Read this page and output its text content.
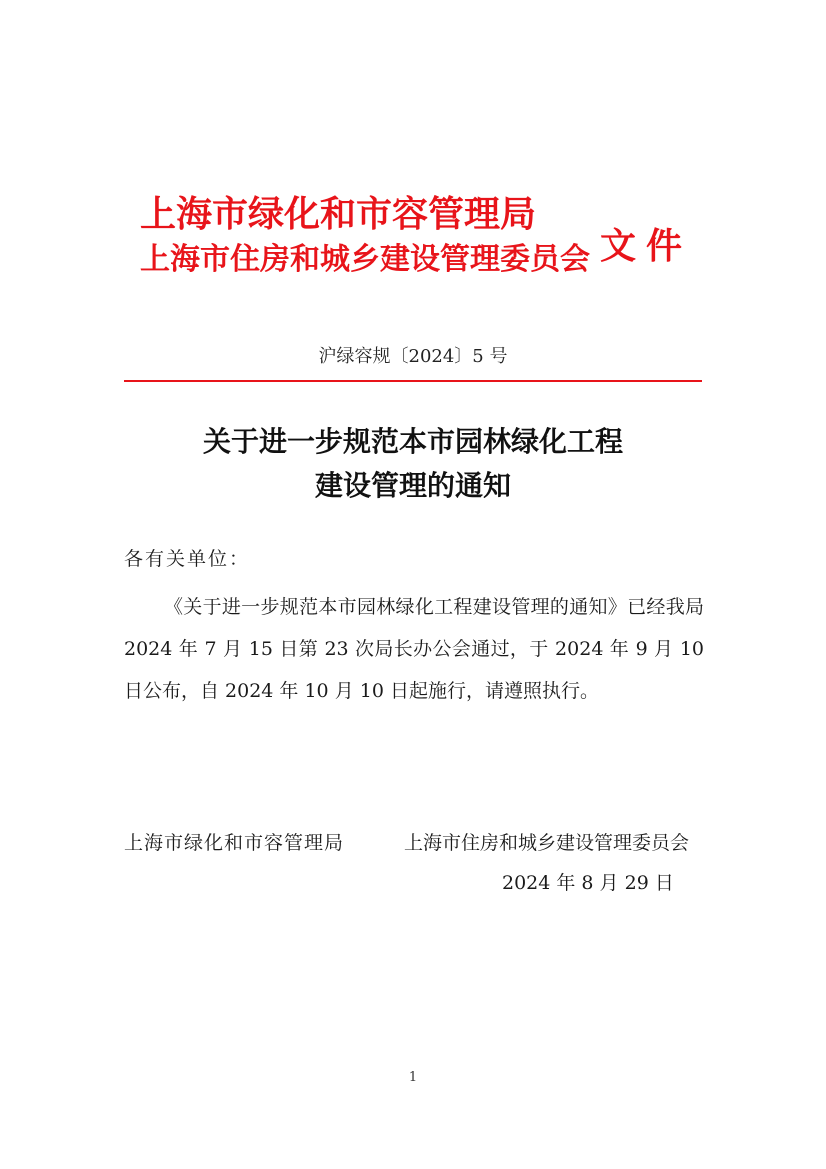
上海市绿化和市容管理局
上海市住房和城乡建设管理委员会 文件
沪绿容规〔2024〕5 号
关于进一步规范本市园林绿化工程
建设管理的通知
各有关单位：
《关于进一步规范本市园林绿化工程建设管理的通知》已经我局 2024 年 7 月 15 日第 23 次局长办公会通过，于 2024 年 9 月 10 日公布，自 2024 年 10 月 10 日起施行，请遵照执行。
上海市绿化和市容管理局	上海市住房和城乡建设管理委员会
2024 年 8 月 29 日
1
